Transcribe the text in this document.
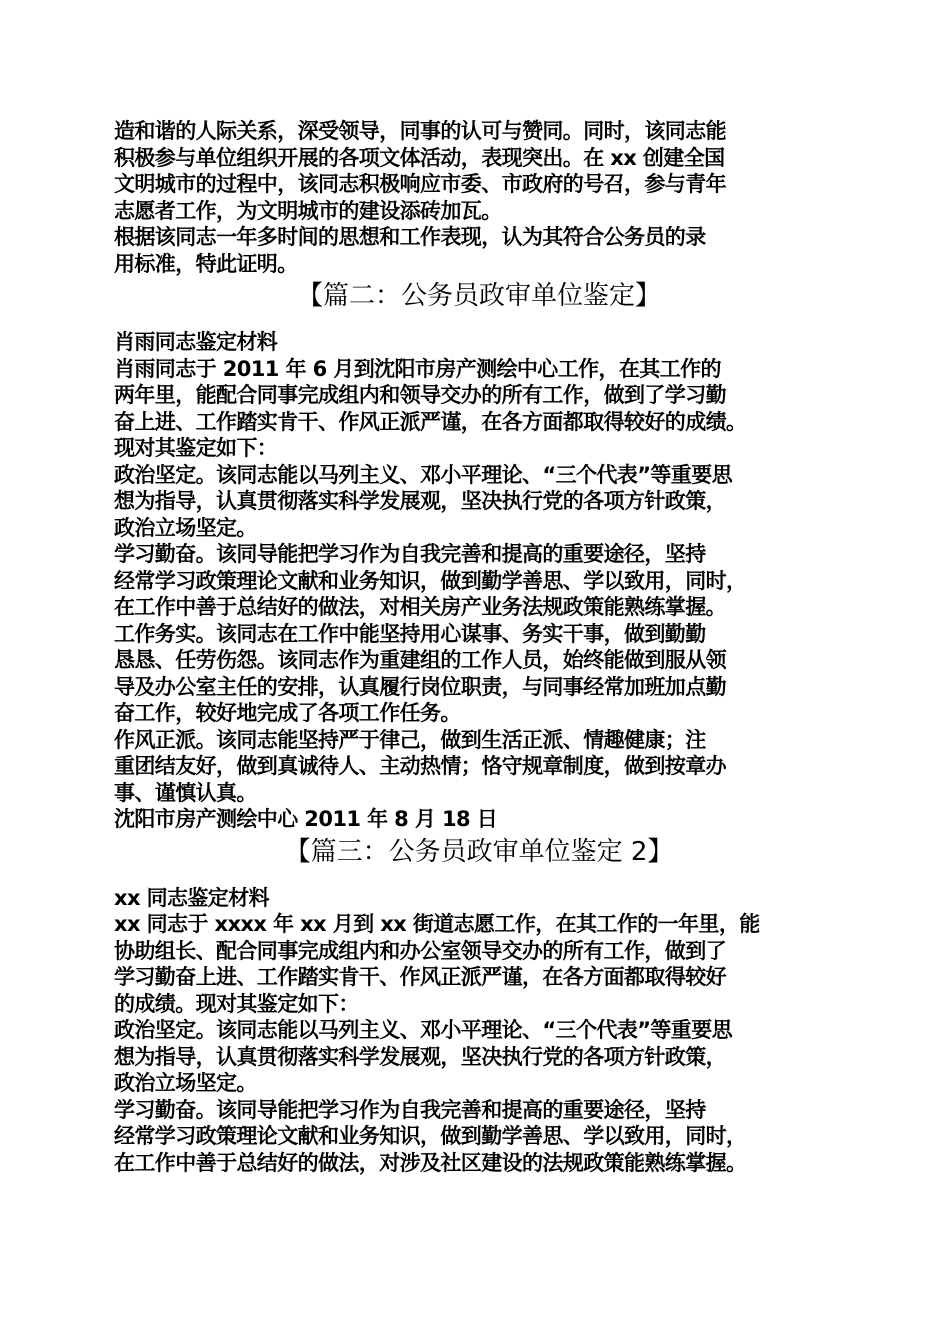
造和谐的人际关系，深受领导，同事的认可与赞同。同时，该同志能

积极参与单位组织开展的各项文体活动，表现突出。在 xx 创建全国

文明城市的过程中，该同志积极响应市委、市政府的号召，参与青年

志愿者工作，为文明城市的建设添砖加瓦。

根据该同志一年多时间的思想和工作表现，认为其符合公务员的录

用标准，特此证明。

【篇二：公务员政审单位鉴定】

肖雨同志鉴定材料

肖雨同志于 2011 年 6 月到沈阳市房产测绘中心工作，在其工作的

两年里，能配合同事完成组内和领导交办的所有工作，做到了学习勤

奋上进、工作踏实肯干、作风正派严谨，在各方面都取得较好的成绩。

现对其鉴定如下：

政治坚定。该同志能以马列主义、邓小平理论、“三个代表”等重要思

想为指导，认真贯彻落实科学发展观，坚决执行党的各项方针政策，

政治立场坚定。

学习勤奋。该同导能把学习作为自我完善和提高的重要途径，坚持

经常学习政策理论文献和业务知识，做到勤学善思、学以致用，同时，

在工作中善于总结好的做法，对相关房产业务法规政策能熟练掌握。

工作务实。该同志在工作中能坚持用心谋事、务实干事，做到勤勤

恳恳、任劳伤怨。该同志作为重建组的工作人员，始终能做到服从领

导及办公室主任的安排，认真履行岗位职责，与同事经常加班加点勤

奋工作，较好地完成了各项工作任务。

作风正派。该同志能坚持严于律己，做到生活正派、情趣健康；注

重团结友好，做到真诚待人、主动热情；恪守规章制度，做到按章办

事、谨慎认真。

沈阳市房产测绘中心 2011 年 8 月 18 日

【篇三：公务员政审单位鉴定 2】

xx 同志鉴定材料

xx 同志于 xxxx 年 xx 月到 xx 街道志愿工作，在其工作的一年里，能

协助组长、配合同事完成组内和办公室领导交办的所有工作，做到了

学习勤奋上进、工作踏实肯干、作风正派严谨，在各方面都取得较好

的成绩。现对其鉴定如下：

政治坚定。该同志能以马列主义、邓小平理论、“三个代表”等重要思

想为指导，认真贯彻落实科学发展观，坚决执行党的各项方针政策，

政治立场坚定。

学习勤奋。该同导能把学习作为自我完善和提高的重要途径，坚持

经常学习政策理论文献和业务知识，做到勤学善思、学以致用，同时，

在工作中善于总结好的做法，对涉及社区建设的法规政策能熟练掌握。
